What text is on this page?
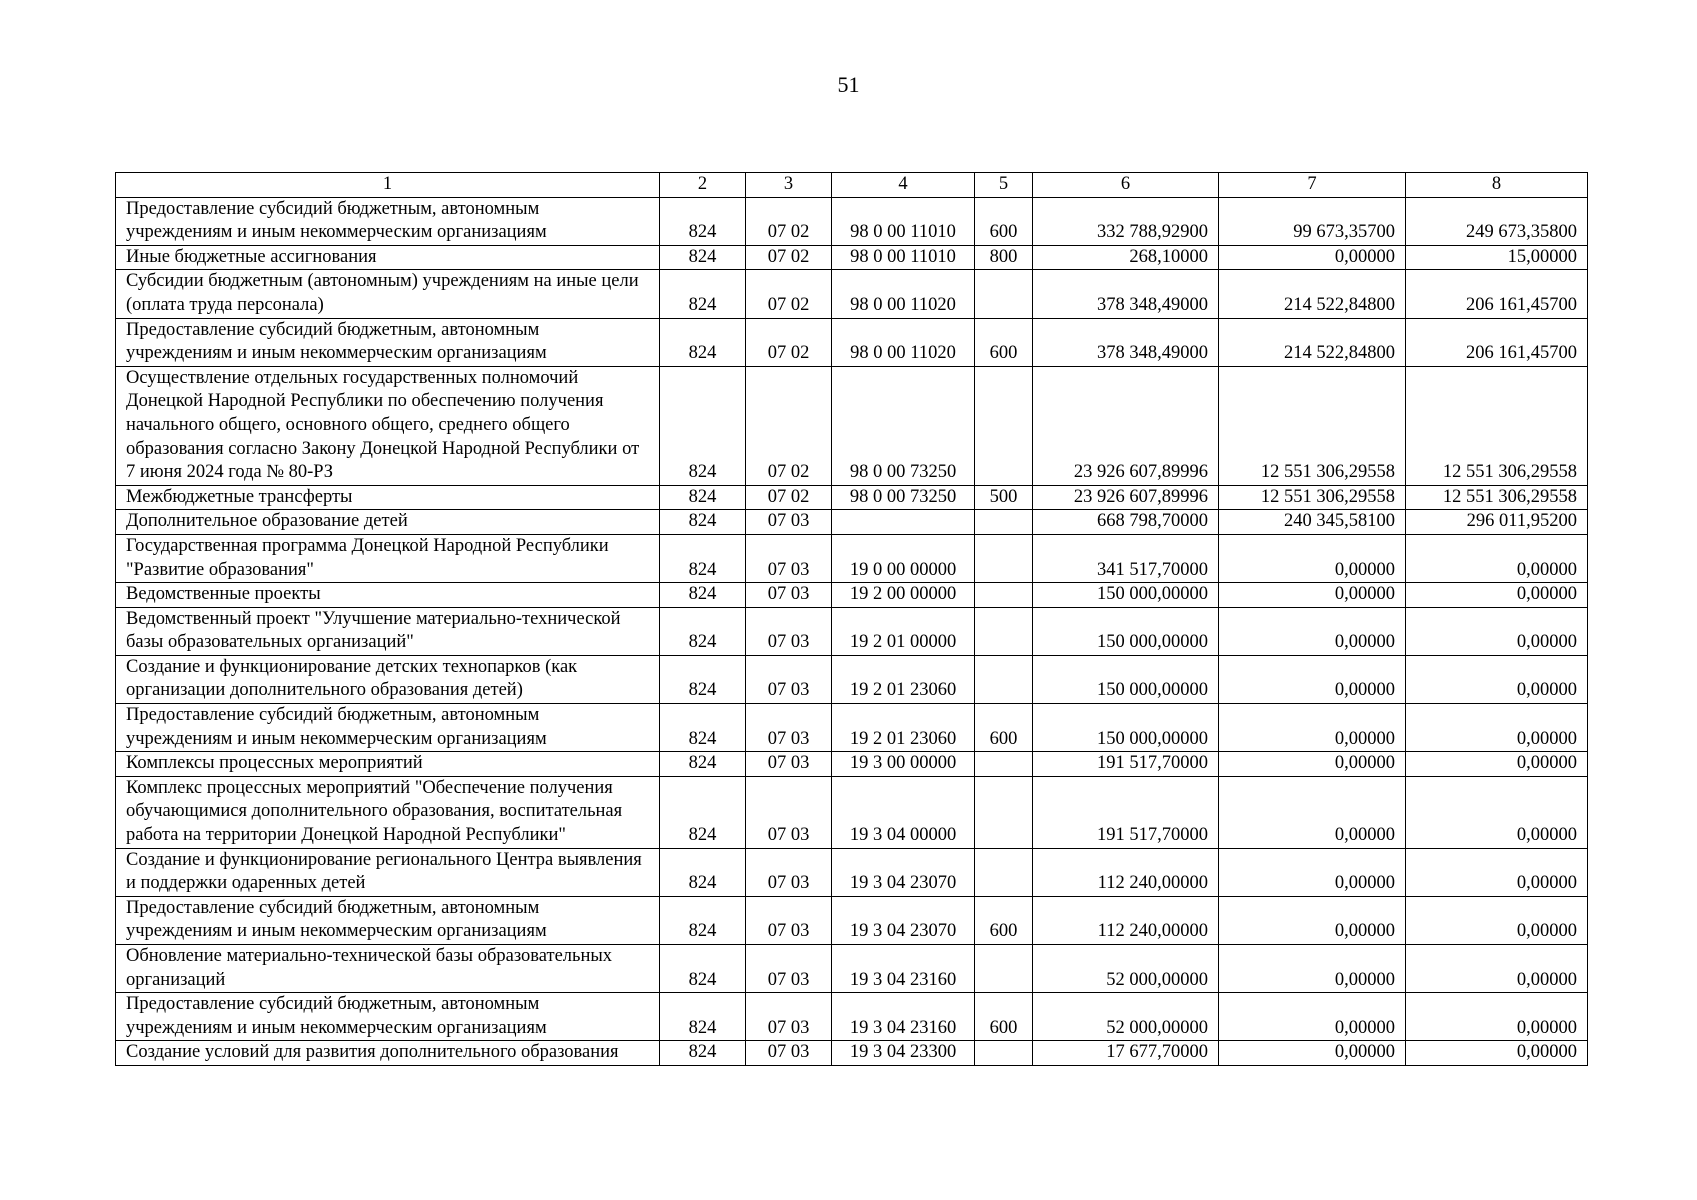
51
1	2	3	4	5	6	7	8
Предоставление субсидий бюджетным, автономным учреждениям и иным некоммерческим организациям	824	07 02	98 0 00 11010	600	332 788,92900	99 673,35700	249 673,35800
Иные бюджетные ассигнования	824	07 02	98 0 00 11010	800	268,10000	0,00000	15,00000
Субсидии бюджетным (автономным) учреждениям на иные цели (оплата труда персонала)	824	07 02	98 0 00 11020		378 348,49000	214 522,84800	206 161,45700
Предоставление субсидий бюджетным, автономным учреждениям и иным некоммерческим организациям	824	07 02	98 0 00 11020	600	378 348,49000	214 522,84800	206 161,45700
Осуществление отдельных государственных полномочий Донецкой Народной Республики по обеспечению получения начального общего, основного общего, среднего общего образования согласно Закону Донецкой Народной Республики от 7 июня 2024 года № 80-РЗ	824	07 02	98 0 00 73250		23 926 607,89996	12 551 306,29558	12 551 306,29558
Межбюджетные трансферты	824	07 02	98 0 00 73250	500	23 926 607,89996	12 551 306,29558	12 551 306,29558
Дополнительное образование детей	824	07 03			668 798,70000	240 345,58100	296 011,95200
Государственная программа Донецкой Народной Республики "Развитие образования"	824	07 03	19 0 00 00000		341 517,70000	0,00000	0,00000
Ведомственные проекты	824	07 03	19 2 00 00000		150 000,00000	0,00000	0,00000
Ведомственный проект "Улучшение материально-технической базы образовательных организаций"	824	07 03	19 2 01 00000		150 000,00000	0,00000	0,00000
Создание и функционирование детских технопарков (как организации дополнительного образования детей)	824	07 03	19 2 01 23060		150 000,00000	0,00000	0,00000
Предоставление субсидий бюджетным, автономным учреждениям и иным некоммерческим организациям	824	07 03	19 2 01 23060	600	150 000,00000	0,00000	0,00000
Комплексы процессных мероприятий	824	07 03	19 3 00 00000		191 517,70000	0,00000	0,00000
Комплекс процессных мероприятий "Обеспечение получения обучающимися дополнительного образования, воспитательная работа на территории Донецкой Народной Республики"	824	07 03	19 3 04 00000		191 517,70000	0,00000	0,00000
Создание и функционирование регионального Центра выявления и поддержки одаренных детей	824	07 03	19 3 04 23070		112 240,00000	0,00000	0,00000
Предоставление субсидий бюджетным, автономным учреждениям и иным некоммерческим организациям	824	07 03	19 3 04 23070	600	112 240,00000	0,00000	0,00000
Обновление материально-технической базы образовательных организаций	824	07 03	19 3 04 23160		52 000,00000	0,00000	0,00000
Предоставление субсидий бюджетным, автономным учреждениям и иным некоммерческим организациям	824	07 03	19 3 04 23160	600	52 000,00000	0,00000	0,00000
Создание условий для развития дополнительного образования	824	07 03	19 3 04 23300		17 677,70000	0,00000	0,00000
